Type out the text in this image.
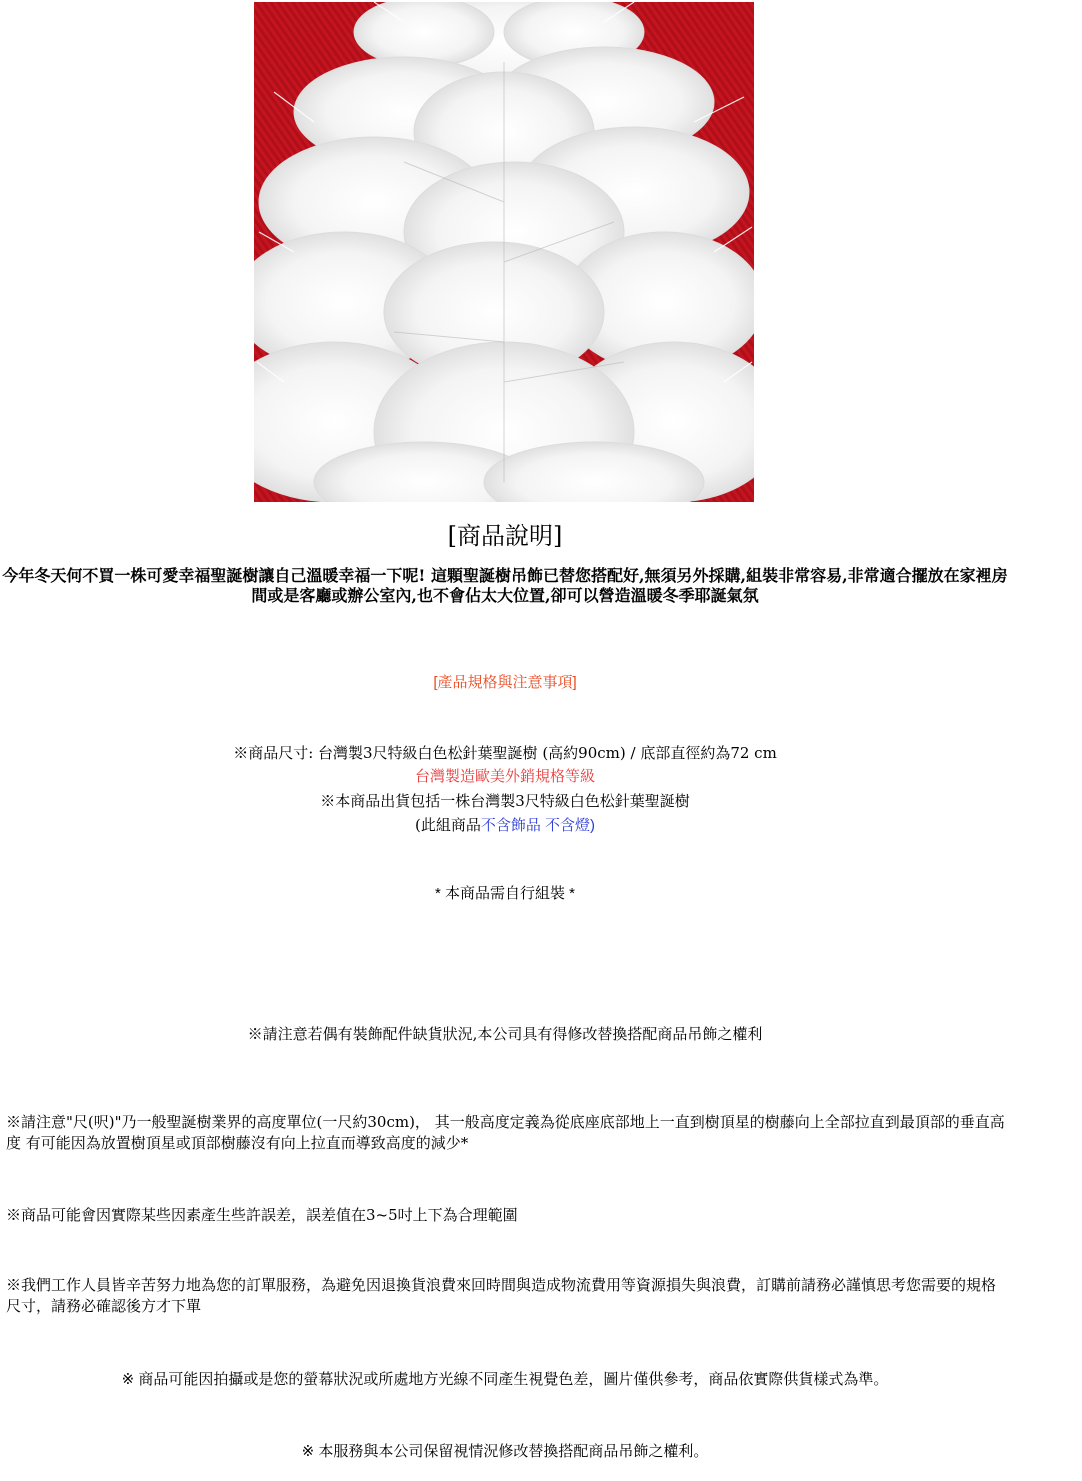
[商品說明]
今年冬天何不買一株可愛幸福聖誕樹讓自己溫暖幸福一下呢! 這顆聖誕樹吊飾已替您搭配好,無須另外採購,組裝非常容易,非常適合擺放在家裡房間或是客廳或辦公室內,也不會佔太大位置,卻可以營造溫暖冬季耶誕氣氛
[產品規格與注意事項]
※商品尺寸: 台灣製3尺特級白色松針葉聖誕樹 (高約90cm) / 底部直徑約為72 cm
台灣製造歐美外銷規格等級
※本商品出貨包括一株台灣製3尺特級白色松針葉聖誕樹
(此組商品不含飾品 不含燈)
* 本商品需自行組裝 *
※請注意若偶有裝飾配件缺貨狀況,本公司具有得修改替換搭配商品吊飾之權利
※請注意"尺(呎)"乃一般聖誕樹業界的高度單位(一尺約30cm)， 其一般高度定義為從底座底部地上一直到樹頂星的樹藤向上全部拉直到最頂部的垂直高度 有可能因為放置樹頂星或頂部樹藤沒有向上拉直而導致高度的減少*
※商品可能會因實際某些因素產生些許誤差，誤差值在3~5吋上下為合理範圍
※我們工作人員皆辛苦努力地為您的訂單服務，為避免因退換貨浪費來回時間與造成物流費用等資源損失與浪費，訂購前請務必謹慎思考您需要的規格尺寸，請務必確認後方才下單
※ 商品可能因拍攝或是您的螢幕狀況或所處地方光線不同產生視覺色差，圖片僅供參考，商品依實際供貨樣式為準。
※ 本服務與本公司保留視情況修改替換搭配商品吊飾之權利。
